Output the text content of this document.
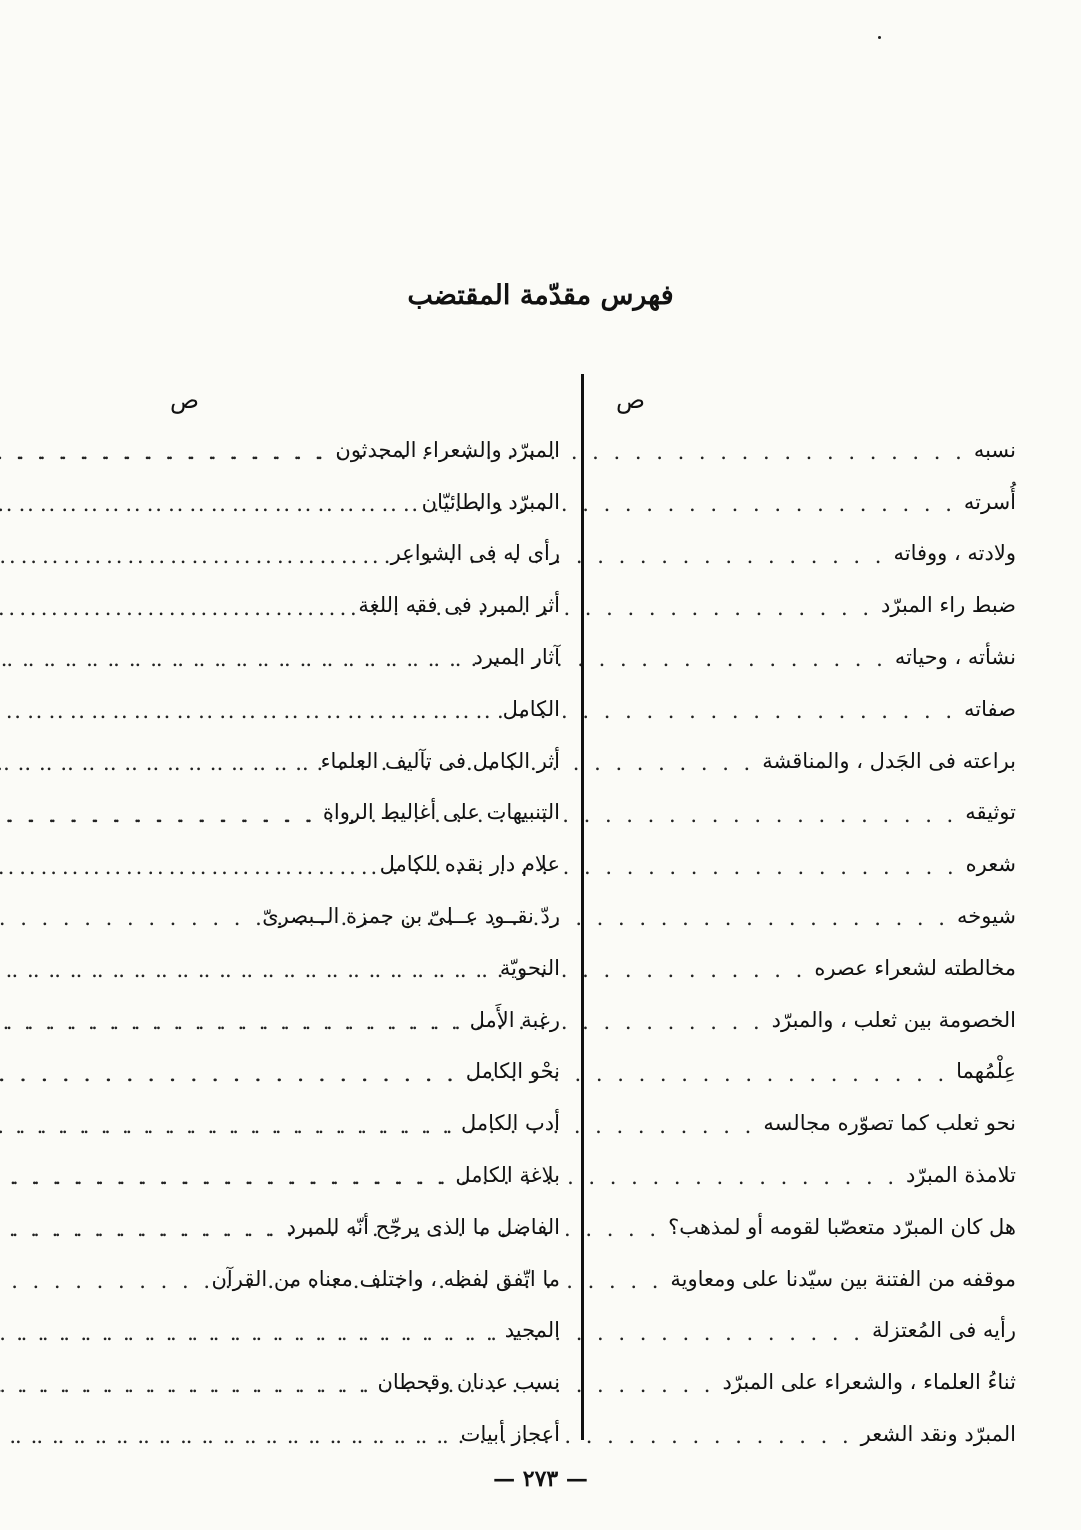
فهرس مقدّمة المقتضب
ص
نسبه
. . .
أُسرته
. . .
ولادته ، ووفاته
. . .
ضبط راء المبرّد
. . .
نشأته ، وحياته
. . .
صفاته
. . .
براعته فى الجَدل ، والمناقشة
. . .
توثيقه
. . .
شعره
. . .
شيوخه
. . .
مخالطته لشعراء عصره
. . .
الخصومة بين ثعلب ، والمبرّد
. . .
عِلْمُهما
. . .
نحو ثعلب كما تصوّره مجالسه
. . .
تلامذة المبرّد
. . .
هل كان المبرّد متعصّبا لقومه أو لمذهب؟
. . .
موقفه من الفتنة بين سيّدنا على ومعاوية
. . .
رأيه فى المُعتزلة
. . .
ثناءُ العلماء ، والشعراء على المبرّد
. . .
المبرّد ونقد الشعر
. . .
ص
المبرّد والشعراء المحدثون
. . .
المبرّد والطائيّان
. . .
رأى له فى الشواعر
. . .
أثر المبرد فى فقه اللغة
. . .
آثار المبرد
. . .
الكامل
. . .
أثر الكامل فى تآليف العلماء
. . .
التنبيهات على أغاليط الرواة
. . .
علام دار نقده للكامل
. . .
ردّ نقــود عــلىّ بن حمزة الــبصرىّ
النحويّة
. . .
رغبة الأَمل
. . .
نحْو الكامل
. . .
أدب الكامل
. . .
بلاغة الكامل
. . .
الفاضل ما الذى يرجّح أنّه للمبرد
. . .
ما اتّفق لفظه ، واختلف معناه من القرآن
المجيد
. . .
نسب عدنان وقحطان
. . .
أعجاز أبيات
. . .
— ٢٧٣ —
